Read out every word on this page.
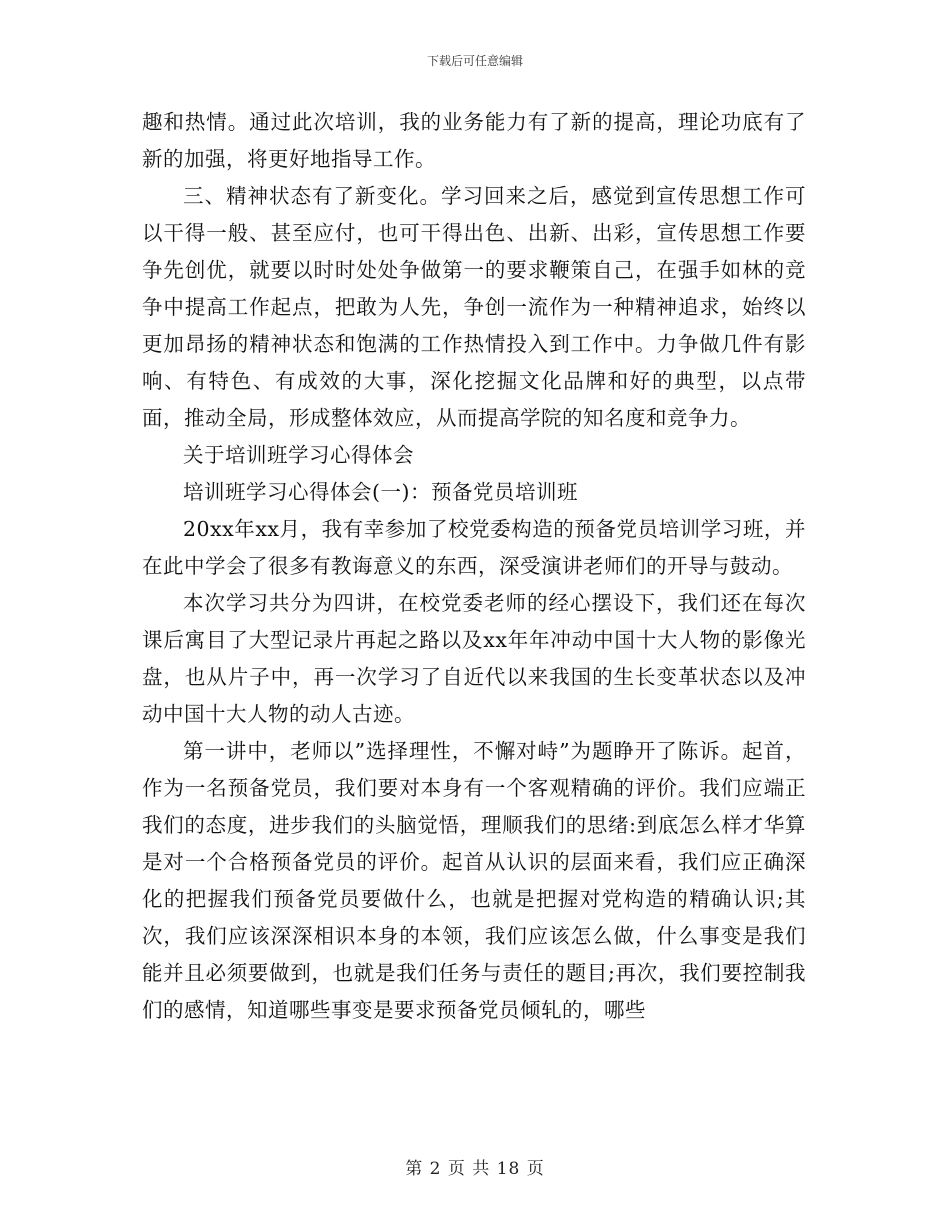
下载后可任意编辑

趣和热情。通过此次培训，我的业务能力有了新的提高，理论功底有了新的加强，将更好地指导工作。

三、精神状态有了新变化。学习回来之后，感觉到宣传思想工作可以干得一般、甚至应付，也可干得出色、出新、出彩，宣传思想工作要争先创优，就要以时时处处争做第一的要求鞭策自己，在强手如林的竞争中提高工作起点，把敢为人先，争创一流作为一种精神追求，始终以更加昂扬的精神状态和饱满的工作热情投入到工作中。力争做几件有影响、有特色、有成效的大事，深化挖掘文化品牌和好的典型，以点带面，推动全局，形成整体效应，从而提高学院的知名度和竞争力。

关于培训班学习心得体会

培训班学习心得体会(一)：预备党员培训班

20xx年xx月，我有幸参加了校党委构造的预备党员培训学习班，并在此中学会了很多有教诲意义的东西，深受演讲老师们的开导与鼓动。

本次学习共分为四讲，在校党委老师的经心摆设下，我们还在每次课后寓目了大型记录片再起之路以及xx年年冲动中国十大人物的影像光盘，也从片子中，再一次学习了自近代以来我国的生长变革状态以及冲动中国十大人物的动人古迹。

第一讲中，老师以”选择理性，不懈对峙”为题睁开了陈诉。起首，作为一名预备党员，我们要对本身有一个客观精确的评价。我们应端正我们的态度，进步我们的头脑觉悟，理顺我们的思绪:到底怎么样才华算是对一个合格预备党员的评价。起首从认识的层面来看，我们应正确深化的把握我们预备党员要做什么，也就是把握对党构造的精确认识;其次，我们应该深深相识本身的本领，我们应该怎么做，什么事变是我们能并且必须要做到，也就是我们任务与责任的题目;再次，我们要控制我们的感情，知道哪些事变是要求预备党员倾轧的，哪些

第 2 页 共 18 页
